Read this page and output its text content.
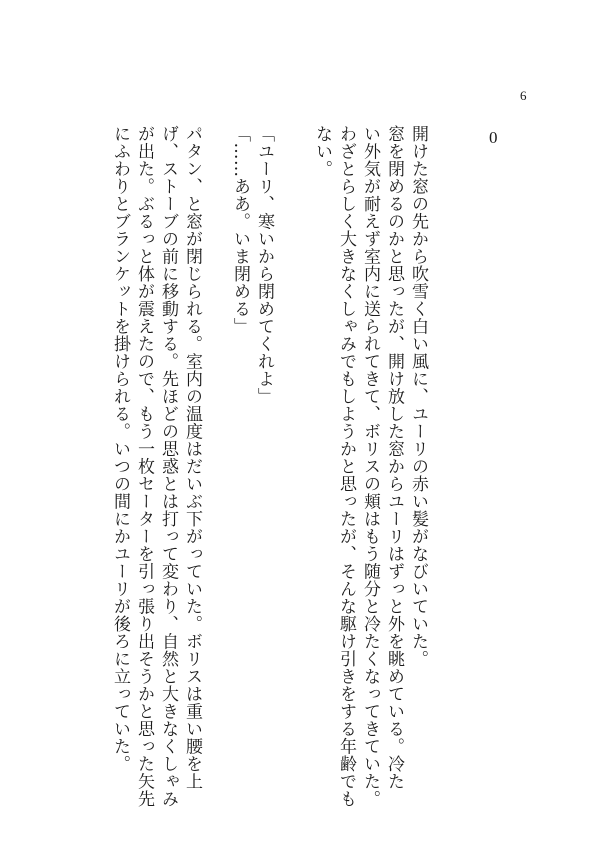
6
0
開けた窓の先から吹雪く白い風に、ユーリの赤い髪がなびいていた。
窓を閉めるのかと思ったが、開け放した窓からユーリはずっと外を眺めている。冷た
い外気が耐えず室内に送られてきて、ボリスの頬はもう随分と冷たくなってきていた。
わざとらしく大きなくしゃみでもしようかと思ったが、そんな駆け引きをする年齢でも
ない。
「ユーリ、寒いから閉めてくれよ」
「……ああ。いま閉める」
パタン、と窓が閉じられる。室内の温度はだいぶ下がっていた。ボリスは重い腰を上
げ、ストーブの前に移動する。先ほどの思惑とは打って変わり、自然と大きなくしゃみ
が出た。ぶるっと体が震えたので、もう一枚セーターを引っ張り出そうかと思った矢先
にふわりとブランケットを掛けられる。いつの間にかユーリが後ろに立っていた。
